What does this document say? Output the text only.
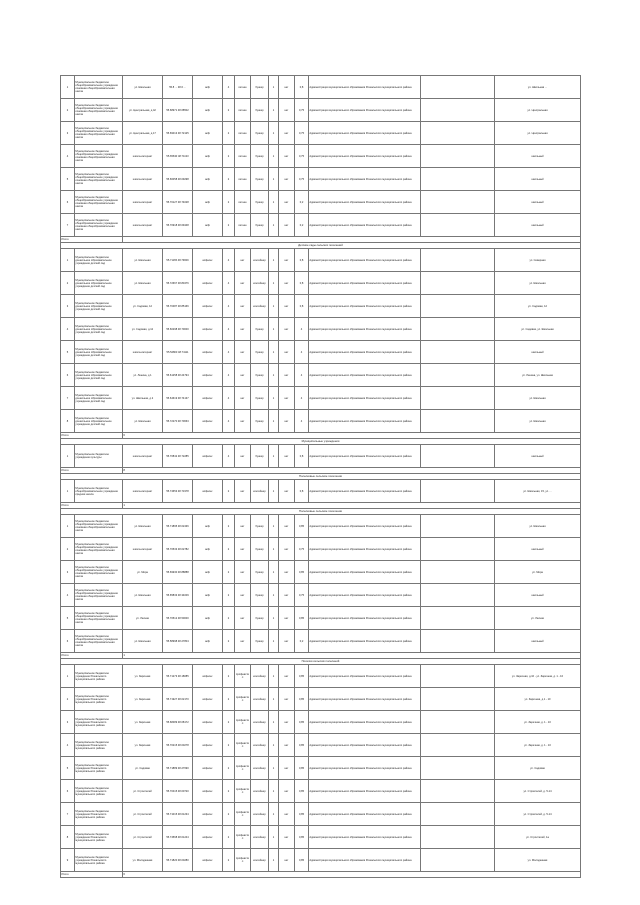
1	Муниципальное бюджетное общеобразовательное учреждение основная общеобразовательная школа	ул. Школьная	55.8 ... 48.6 ...	асф	4	летнее	бункер	1	нет	0,8	Администрация муниципального образования Рошальского муниципального района		ул. Школьная ...
2	Муниципальное бюджетное общеобразовательное учреждение основная общеобразовательная школа	ул. Центральная, д.42	55.68971 48.68502	асф	2	летнее	бункер	1	нет	0,75	Администрация муниципального образования Рошальского муниципального района		ул. Центральная
3	Муниципальное бюджетное общеобразовательное учреждение основная общеобразовательная школа	ул. Центральная, д.17	55.69013 48.72125	асф	2	летнее	бункер	1	нет	0,75	Администрация муниципального образования Рошальского муниципального района		ул. Центральная
4	Муниципальное бюджетное общеобразовательное учреждение основная общеобразовательная школа	школа-интернат	55.65630 48.71133	асф	2	летнее	бункер	1	нет	0,75	Администрация муниципального образования Рошальского муниципального района		школьный
5	Муниципальное бюджетное общеобразовательное учреждение основная общеобразовательная школа	школа-интернат	55.66058 48.09298	асф	2	летнее	бункер	1	нет	0,75	Администрация муниципального образования Рошальского муниципального района		школьный
6	Муниципальное бюджетное общеобразовательное учреждение основная общеобразовательная школа	школа-интернат	55.70127 48.74028	асф	2	летнее	бункер	1	нет	0,2	Администрация муниципального образования Рошальского муниципального района		школьный
7	Муниципальное бюджетное общеобразовательное учреждение основная общеобразовательная школа	школа-интернат	55.70918 48.69448	асф	2	летнее	бункер	1	нет	0,2	Администрация муниципального образования Рошальского муниципального района		школьный
Итого													
Детские сады сельских поселений													
1	Муниципальное бюджетное дошкольное образовательное учреждение детский сад	ул. Школьная	55.71165 48.73849	асфальт	4	нет	контейнер	1	нет	0,8	Администрация муниципального образования Рошальского муниципального района		ул. Северная
2	Муниципальное бюджетное дошкольное образовательное учреждение детский сад	ул. Школьная	55.72667 48.80476	асфальт	4	нет	контейнер	1	нет	0,8	Администрация муниципального образования Рошальского муниципального района		ул. Школьная
3	Муниципальное бюджетное дошкольное образовательное учреждение детский сад	ул. Садовая, 12	55.70487 48.85166	асфальт	4	нет	контейнер	1	нет	0,8	Администрация муниципального образования Рошальского муниципального района		ул. Садовая, 12
4	Муниципальное бюджетное дошкольное образовательное учреждение детский сад	ул. Садовая, д.12	55.60298 48.70000	асфальт	4	нет	бункер	1	нет	4	Администрация муниципального образования Рошальского муниципального района		ул. Садовая, ул. Школьная
5	Муниципальное бюджетное дошкольное образовательное учреждение детский сад	школа-интернат	55.54803 48.74111	асфальт	4	нет	бункер	1	нет	4	Администрация муниципального образования Рошальского муниципального района		школьный
6	Муниципальное бюджетное дошкольное образовательное учреждение детский сад	ул. Ленина, д.1	55.61258 48.24794	асфальт	4	нет	бункер	1	нет	4	Администрация муниципального образования Рошальского муниципального района		ул. Ленина, ул. Школьная
7	Муниципальное бюджетное дошкольное образовательное учреждение детский сад	ул. Школьная, д.2	55.64619 48.74137	асфальт	4	нет	бункер	1	нет	4	Администрация муниципального образования Рошальского муниципального района		ул. Школьная
8	Муниципальное бюджетное дошкольное образовательное учреждение детский сад	ул. Школьная	55.72270 48.70663	асфальт	4	нет	бункер	1	нет	4	Администрация муниципального образования Рошальского муниципального района		ул. Школьная
Итого		6											
Муниципальные учреждения													
1	Муниципальное бюджетное учреждение культуры	школа-интернат	55.70842 48.72285	асфальт	4	нет	бункер	1	нет	0,8	Администрация муниципального образования Рошальского муниципального района		школьный
Итого		8											
Поселковые сельские поселения													
1	Муниципальное бюджетное общеобразовательное учреждение средняя школа	школа-интернат	55.74653 48.71978	асфальт	2	нет	контейнер	1	нет	0,8	Администрация муниципального образования Рошальского муниципального района		ул. Школьная, 15, ул. ...
Итого		1											
Поселковые сельские поселения													
1	Муниципальное бюджетное общеобразовательное учреждение основная общеобразовательная школа	ул. Школьная	55.71895 48.02436	асф	2	нет	бункер	1	нет	0,85	Администрация муниципального образования Рошальского муниципального района		ул. Школьная
2	Муниципальное бюджетное общеобразовательное учреждение основная общеобразовательная школа	школа-интернат	55.70533 48.02782	асф	2	нет	бункер	1	нет	0,75	Администрация муниципального образования Рошальского муниципального района		школьный
3	Муниципальное бюджетное общеобразовательное учреждение основная общеобразовательная школа	ул. Мира	55.69930 48.88888	асф	2	нет	бункер	1	нет	0,85	Администрация муниципального образования Рошальского муниципального района		ул. Мира
4	Муниципальное бюджетное общеобразовательное учреждение основная общеобразовательная школа	ул. Школьная	55.65833 48.34009	асф	2	нет	бункер	1	нет	0,75	Администрация муниципального образования Рошальского муниципального района		школьный
5	Муниципальное бюджетное общеобразовательное учреждение основная общеобразовательная школа	ул. Лесная	55.70512 48.50000	асф	2	нет	бункер	1	нет	0,85	Администрация муниципального образования Рошальского муниципального района		ул. Лесная
6	Муниципальное бюджетное общеобразовательное учреждение основная общеобразовательная школа	ул. Школьная	55.58998 48.27804	асф	2	нет	бункер	1	нет	0,2	Администрация муниципального образования Рошальского муниципального района		школьный
Итого		1											
Поселки сельских поселений													
1	Муниципальное бюджетное учреждение Рошальского муниципального района	ул. Заречная	55.71273 48.18085	асфальт	2	профнастил	контейнер	1	нет	0,85	Администрация муниципального образования Рошальского муниципального района		ул. Заречная, д.10 - ул. Заречная, д. 1 - 10
2	Муниципальное бюджетное учреждение Рошальского муниципального района	ул. Заречная	55.71927 48.02170	асфальт	2	профнастил	контейнер	1	нет	0,85	Администрация муниципального образования Рошальского муниципального района		ул. Заречная, д.1 - 10
3	Муниципальное бюджетное учреждение Рошальского муниципального района	ул. Заречная	55.68489 48.08172	асфальт	2	профнастил	контейнер	1	нет	0,85	Администрация муниципального образования Рошальского муниципального района		ул. Заречная, д. 1 - 10
4	Муниципальное бюджетное учреждение Рошальского муниципального района	ул. Заречная	55.70215 48.00278	асфальт	2	профнастил	контейнер	1	нет	0,85	Администрация муниципального образования Рошальского муниципального района		ул. Заречная, д. 1 - 10
5	Муниципальное бюджетное учреждение Рошальского муниципального района	ул. Садовая	55.71889 48.27690	асфальт	2	профнастил	контейнер	1	нет	0,85	Администрация муниципального образования Рошальского муниципального района		ул. Садовая
6	Муниципальное бюджетное учреждение Рошальского муниципального района	ул. Строителей	55.70415 48.00720	асфальт	2	профнастил	контейнер	1	нет	0,85	Администрация муниципального образования Рошальского муниципального района		ул. Строителей, д. 5-14
7	Муниципальное бюджетное учреждение Рошальского муниципального района	ул. Строителей	55.71015 48.01234	асфальт	2	профнастил	контейнер	1	нет	0,85	Администрация муниципального образования Рошальского муниципального района		ул. Строителей, д. 5-14
8	Муниципальное бюджетное учреждение Рошальского муниципального района	ул. Строителей	55.74568 48.01244	асфальт	2	профнастил	контейнер	1	нет	0,85	Администрация муниципального образования Рошальского муниципального района		ул. Строителей, 1а
9	Муниципальное бюджетное учреждение Рошальского муниципального района	ул. Молодежная	55.71820 48.00280	асфальт	2	профнастил	контейнер	1	нет	0,85	Администрация муниципального образования Рошальского муниципального района		ул. Молодежная
Итого		6											
